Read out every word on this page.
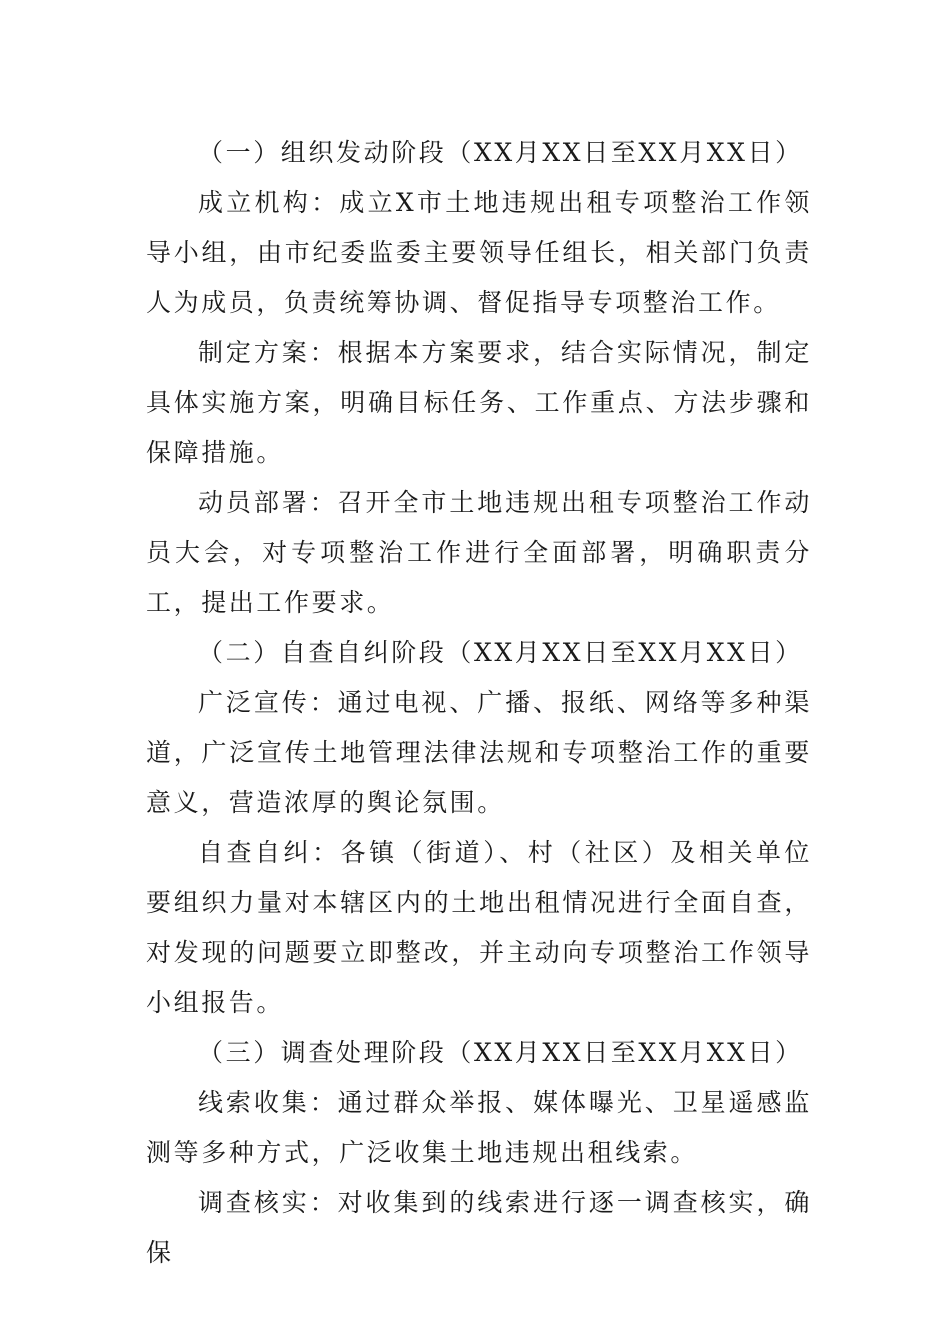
（一）组织发动阶段（XX月XX日至XX月XX日）

成立机构：成立X市土地违规出租专项整治工作领导小组，由市纪委监委主要领导任组长，相关部门负责人为成员，负责统筹协调、督促指导专项整治工作。

制定方案：根据本方案要求，结合实际情况，制定具体实施方案，明确目标任务、工作重点、方法步骤和保障措施。

动员部署：召开全市土地违规出租专项整治工作动员大会，对专项整治工作进行全面部署，明确职责分工，提出工作要求。

（二）自查自纠阶段（XX月XX日至XX月XX日）

广泛宣传：通过电视、广播、报纸、网络等多种渠道，广泛宣传土地管理法律法规和专项整治工作的重要意义，营造浓厚的舆论氛围。

自查自纠：各镇（街道）、村（社区）及相关单位要组织力量对本辖区内的土地出租情况进行全面自查，对发现的问题要立即整改，并主动向专项整治工作领导小组报告。

（三）调查处理阶段（XX月XX日至XX月XX日）

线索收集：通过群众举报、媒体曝光、卫星遥感监测等多种方式，广泛收集土地违规出租线索。

调查核实：对收集到的线索进行逐一调查核实，确保
